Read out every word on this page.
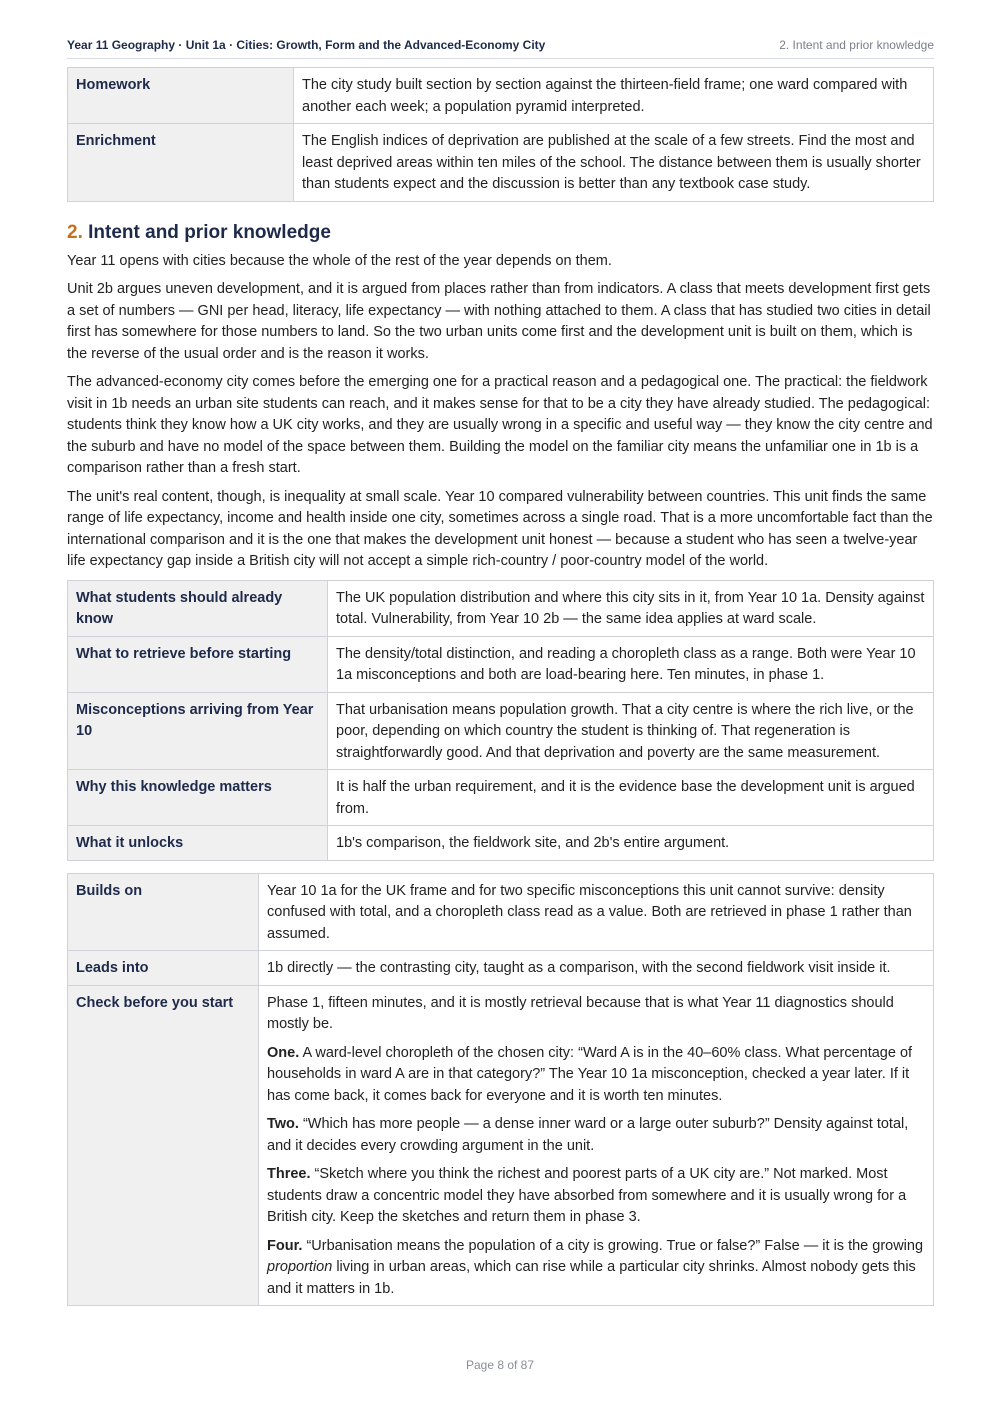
Year 11 Geography · Unit 1a · Cities: Growth, Form and the Advanced-Economy City	2. Intent and prior knowledge
Homework	The city study built section by section against the thirteen-field frame; one ward compared with another each week; a population pyramid interpreted.
Enrichment	The English indices of deprivation are published at the scale of a few streets. Find the most and least deprived areas within ten miles of the school. The distance between them is usually shorter than students expect and the discussion is better than any textbook case study.
2. Intent and prior knowledge

Year 11 opens with cities because the whole of the rest of the year depends on them.

Unit 2b argues uneven development, and it is argued from places rather than from indicators. A class that meets development first gets a set of numbers — GNI per head, literacy, life expectancy — with nothing attached to them. A class that has studied two cities in detail first has somewhere for those numbers to land. So the two urban units come first and the development unit is built on them, which is the reverse of the usual order and is the reason it works.

The advanced-economy city comes before the emerging one for a practical reason and a pedagogical one. The practical: the fieldwork visit in 1b needs an urban site students can reach, and it makes sense for that to be a city they have already studied. The pedagogical: students think they know how a UK city works, and they are usually wrong in a specific and useful way — they know the city centre and the suburb and have no model of the space between them. Building the model on the familiar city means the unfamiliar one in 1b is a comparison rather than a fresh start.

The unit's real content, though, is inequality at small scale. Year 10 compared vulnerability between countries. This unit finds the same range of life expectancy, income and health inside one city, sometimes across a single road. That is a more uncomfortable fact than the international comparison and it is the one that makes the development unit honest — because a student who has seen a twelve-year life expectancy gap inside a British city will not accept a simple rich-country / poor-country model of the world.

What students should already know	The UK population distribution and where this city sits in it, from Year 10 1a. Density against total. Vulnerability, from Year 10 2b — the same idea applies at ward scale.
What to retrieve before starting	The density/total distinction, and reading a choropleth class as a range. Both were Year 10 1a misconceptions and both are load-bearing here. Ten minutes, in phase 1.
Misconceptions arriving from Year 10	That urbanisation means population growth. That a city centre is where the rich live, or the poor, depending on which country the student is thinking of. That regeneration is straightforwardly good. And that deprivation and poverty are the same measurement.
Why this knowledge matters	It is half the urban requirement, and it is the evidence base the development unit is argued from.
What it unlocks	1b's comparison, the fieldwork site, and 2b's entire argument.
Builds on	Year 10 1a for the UK frame and for two specific misconceptions this unit cannot survive: density confused with total, and a choropleth class read as a value. Both are retrieved in phase 1 rather than assumed.
Leads into	1b directly — the contrasting city, taught as a comparison, with the second fieldwork visit inside it.
Check before you start	Phase 1, fifteen minutes, and it is mostly retrieval because that is what Year 11 diagnostics should mostly be.

One. A ward-level choropleth of the chosen city: “Ward A is in the 40–60% class. What percentage of households in ward A are in that category?” The Year 10 1a misconception, checked a year later. If it has come back, it comes back for everyone and it is worth ten minutes.

Two. “Which has more people — a dense inner ward or a large outer suburb?” Density against total, and it decides every crowding argument in the unit.

Three. “Sketch where you think the richest and poorest parts of a UK city are.” Not marked. Most students draw a concentric model they have absorbed from somewhere and it is usually wrong for a British city. Keep the sketches and return them in phase 3.

Four. “Urbanisation means the population of a city is growing. True or false?” False — it is the growing proportion living in urban areas, which can rise while a particular city shrinks. Almost nobody gets this and it matters in 1b.

Page 8 of 87
